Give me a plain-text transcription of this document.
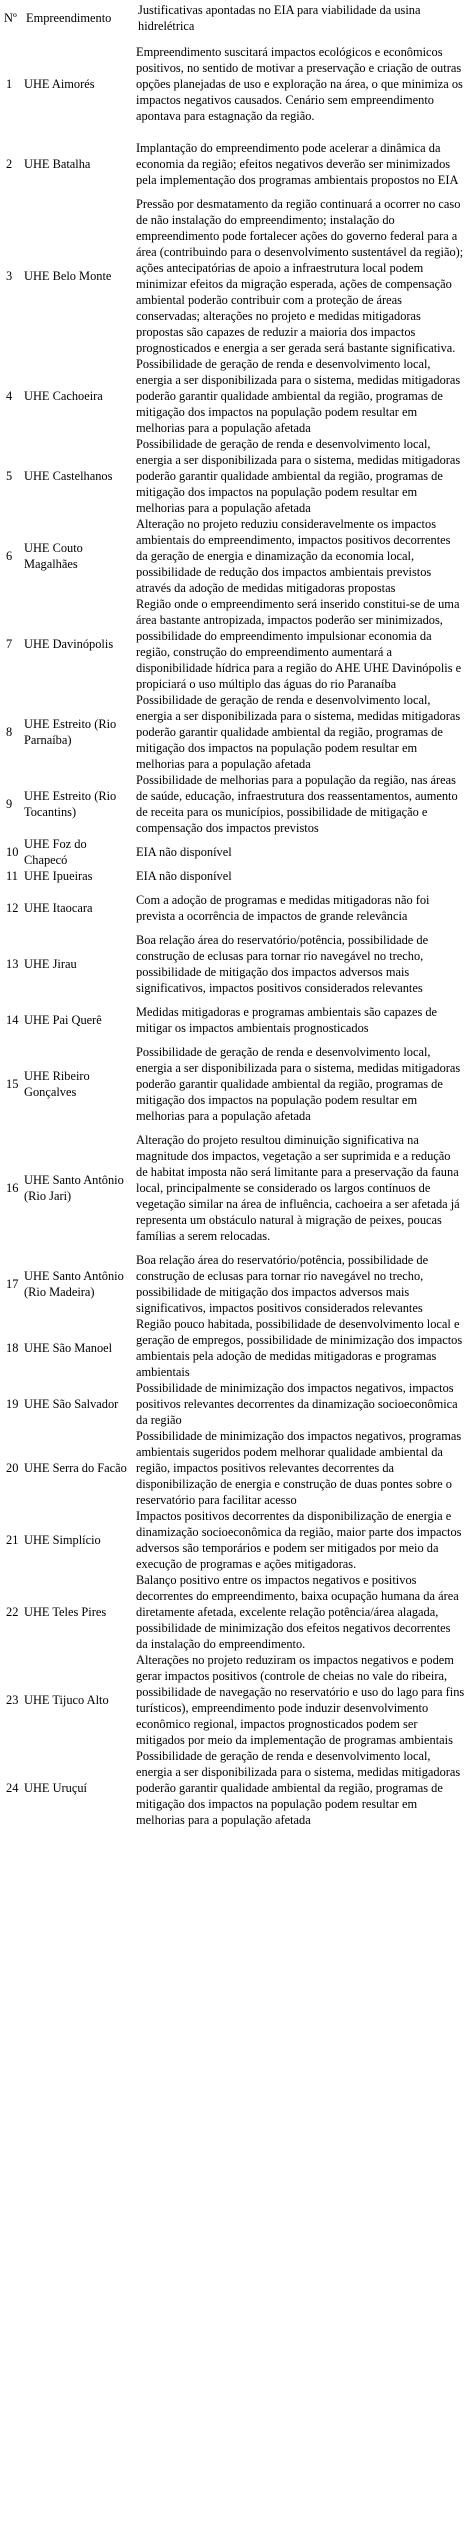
Nº	Empreendimento	Justificativas apontadas no EIA para viabilidade da usina hidrelétrica
1	UHE Aimorés	Empreendimento suscitará impactos ecológicos e econômicos positivos, no sentido de motivar a preservação e criação de outras opções planejadas de uso e exploração na área, o que minimiza os impactos negativos causados. Cenário sem empreendimento apontava para estagnação da região.
2	UHE Batalha	Implantação do empreendimento pode acelerar a dinâmica da economia da região; efeitos negativos deverão ser minimizados pela implementação dos programas ambientais propostos no EIA
3	UHE Belo Monte	Pressão por desmatamento da região continuará a ocorrer no caso de não instalação do empreendimento; instalação do empreendimento pode fortalecer ações do governo federal para a área (contribuindo para o desenvolvimento sustentável da região); ações antecipatórias de apoio a infraestrutura local podem minimizar efeitos da migração esperada, ações de compensação ambiental poderão contribuir com a proteção de áreas conservadas; alterações no projeto e medidas mitigadoras propostas são capazes de reduzir a maioria dos impactos prognosticados e energia a ser gerada será bastante significativa.
4	UHE Cachoeira	Possibilidade de geração de renda e desenvolvimento local, energia a ser disponibilizada para o sistema, medidas mitigadoras poderão garantir qualidade ambiental da região, programas de mitigação dos impactos na população podem resultar em melhorias para a população afetada
5	UHE Castelhanos	Possibilidade de geração de renda e desenvolvimento local, energia a ser disponibilizada para o sistema, medidas mitigadoras poderão garantir qualidade ambiental da região, programas de mitigação dos impactos na população podem resultar em melhorias para a população afetada
6	UHE Couto Magalhães	Alteração no projeto reduziu consideravelmente os impactos ambientais do empreendimento, impactos positivos decorrentes da geração de energia e dinamização da economia local, possibilidade de redução dos impactos ambientais previstos através da adoção de medidas mitigadoras propostas
7	UHE Davinópolis	Região onde o empreendimento será inserido constitui-se de uma área bastante antropizada, impactos poderão ser minimizados, possibilidade do empreendimento impulsionar economia da região, construção do empreendimento aumentará a disponibilidade hídrica para a região do AHE UHE Davinópolis e propiciará o uso múltiplo das águas do rio Paranaíba
8	UHE Estreito (Rio Parnaíba)	Possibilidade de geração de renda e desenvolvimento local, energia a ser disponibilizada para o sistema, medidas mitigadoras poderão garantir qualidade ambiental da região, programas de mitigação dos impactos na população podem resultar em melhorias para a população afetada
9	UHE Estreito (Rio Tocantins)	Possibilidade de melhorias para a população da região, nas áreas de saúde, educação, infraestrutura dos reassentamentos, aumento de receita para os municípios, possibilidade de mitigação e compensação dos impactos previstos
10	UHE Foz do Chapecó	EIA não disponível
11	UHE Ipueiras	EIA não disponível
12	UHE Itaocara	Com a adoção de programas e medidas mitigadoras não foi prevista a ocorrência de impactos de grande relevância
13	UHE Jirau	Boa relação área do reservatório/potência, possibilidade de construção de eclusas para tornar rio navegável no trecho, possibilidade de mitigação dos impactos adversos mais significativos, impactos positivos considerados relevantes
14	UHE Pai Querê	Medidas mitigadoras e programas ambientais são capazes de mitigar os impactos ambientais prognosticados
15	UHE Ribeiro Gonçalves	Possibilidade de geração de renda e desenvolvimento local, energia a ser disponibilizada para o sistema, medidas mitigadoras poderão garantir qualidade ambiental da região, programas de mitigação dos impactos na população podem resultar em melhorias para a população afetada
16	UHE Santo Antônio (Rio Jari)	Alteração do projeto resultou diminuição significativa na magnitude dos impactos, vegetação a ser suprimida e a redução de habitat imposta não será limitante para a preservação da fauna local, principalmente se considerado os largos contínuos de vegetação similar na área de influência, cachoeira a ser afetada já representa um obstáculo natural à migração de peixes, poucas famílias a serem relocadas.
17	UHE Santo Antônio (Rio Madeira)	Boa relação área do reservatório/potência, possibilidade de construção de eclusas para tornar rio navegável no trecho, possibilidade de mitigação dos impactos adversos mais significativos, impactos positivos considerados relevantes
18	UHE São Manoel	Região pouco habitada, possibilidade de desenvolvimento local e geração de empregos, possibilidade de minimização dos impactos ambientais pela adoção de medidas mitigadoras e programas ambientais
19	UHE São Salvador	Possibilidade de minimização dos impactos negativos, impactos positivos relevantes decorrentes da dinamização socioeconômica da região
20	UHE Serra do Facão	Possibilidade de minimização dos impactos negativos, programas ambientais sugeridos podem melhorar qualidade ambiental da região, impactos positivos relevantes decorrentes da disponibilização de energia e construção de duas pontes sobre o reservatório para facilitar acesso
21	UHE Simplício	Impactos positivos decorrentes da disponibilização de energia e dinamização socioeconômica da região, maior parte dos impactos adversos são temporários e podem ser mitigados por meio da execução de programas e ações mitigadoras.
22	UHE Teles Pires	Balanço positivo entre os impactos negativos e positivos decorrentes do empreendimento, baixa ocupação humana da área diretamente afetada, excelente relação potência/área alagada, possibilidade de minimização dos efeitos negativos decorrentes da instalação do empreendimento.
23	UHE Tijuco Alto	Alterações no projeto reduziram os impactos negativos e podem gerar impactos positivos (controle de cheias no vale do ribeira, possibilidade de navegação no reservatório e uso do lago para fins turísticos), empreendimento pode induzir desenvolvimento econômico regional, impactos prognosticados podem ser mitigados por meio da implementação de programas ambientais
24	UHE Uruçuí	Possibilidade de geração de renda e desenvolvimento local, energia a ser disponibilizada para o sistema, medidas mitigadoras poderão garantir qualidade ambiental da região, programas de mitigação dos impactos na população podem resultar em melhorias para a população afetada
